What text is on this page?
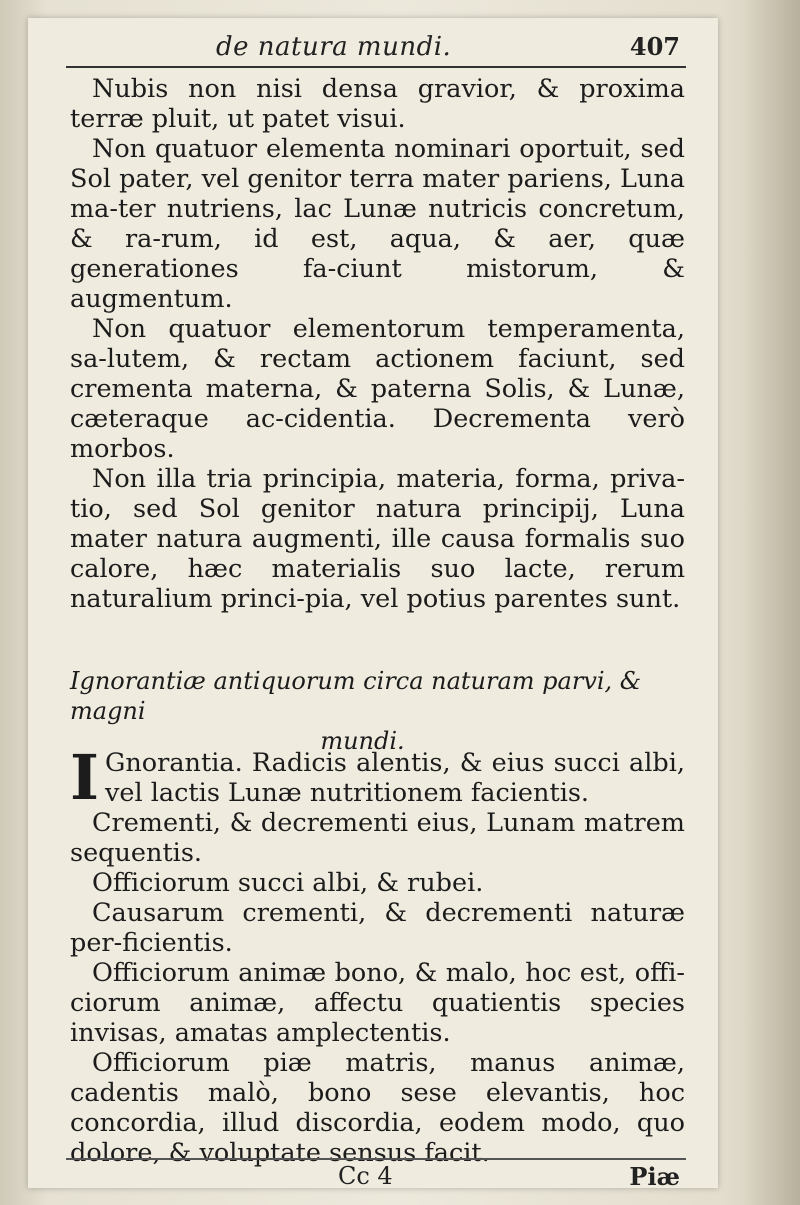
de natura mundi.	407

Nubis non nisi densa gravior, & proxima terræ pluit, ut patet visui.

Non quatuor elementa nominari oportuit, sed Sol pater, vel genitor terra mater pariens, Luna ma-ter nutriens, lac Lunæ nutricis concretum, & ra-rum, id est, aqua, & aer, quæ generationes fa-ciunt mistorum, & augmentum.

Non quatuor elementorum temperamenta, sa-lutem, & rectam actionem faciunt, sed crementa materna, & paterna Solis, & Lunæ, cæteraque ac-cidentia. Decrementa verò morbos.

Non illa tria principia, materia, forma, priva-tio, sed Sol genitor natura principij, Luna mater natura augmenti, ille causa formalis suo calore, hæc materialis suo lacte, rerum naturalium princi-pia, vel potius parentes sunt.

Ignorantiæ antiquorum circa naturam parvi, & magni
mundi.

I Gnorantia. Radicis alentis, & eius succi albi, vel lactis Lunæ nutritionem facientis.

Crementi, & decrementi eius, Lunam matrem sequentis.

Officiorum succi albi, & rubei.

Causarum crementi, & decrementi naturæ per-ficientis.

Officiorum animæ bono, & malo, hoc est, offi-ciorum animæ, affectu quatientis species invisas, amatas amplectentis.

Officiorum piæ matris, manus animæ, cadentis malò, bono sese elevantis, hoc concordia, illud discordia, eodem modo, quo dolore, & voluptate sensus facit.

Cc 4	Piæ
